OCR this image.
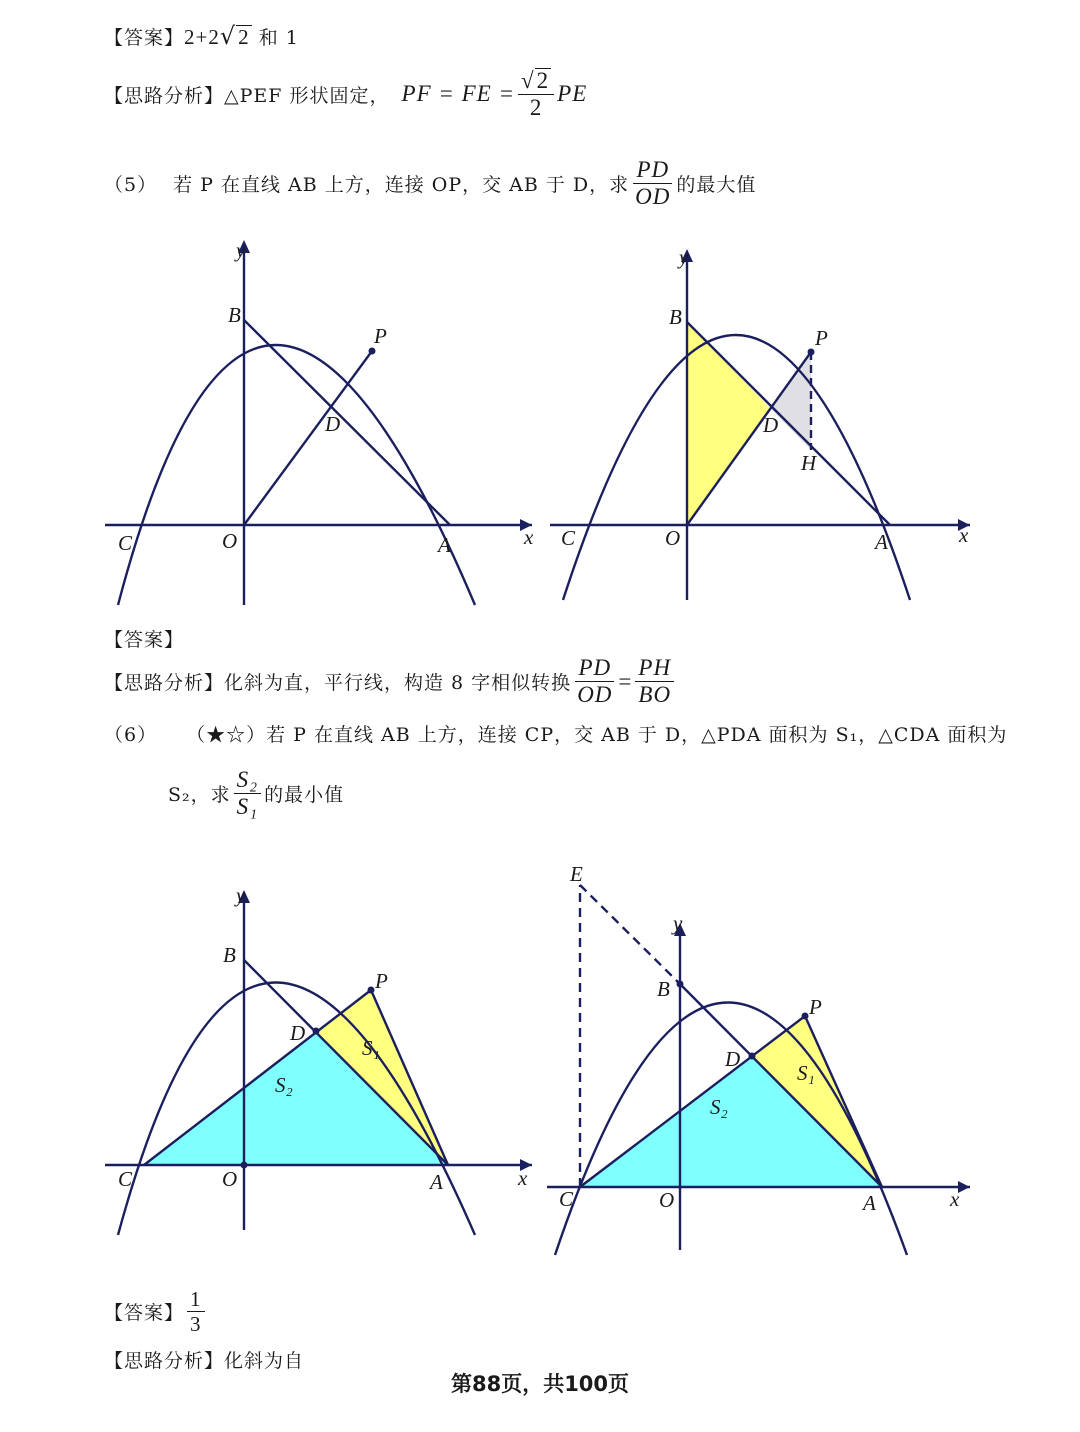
【答案】2+2√2 和 1
【思路分析】 △PEF 形状固定， PF = FE = $\frac{√2}{2}$ PE
（5） 若 P 在直线 AB 上方，连接 OP，交 AB 于 D，求 $\frac{PD}{OD}$ 的最大值
y
B
P
D
C	O	A	x
y
B
P
D
H
C	O	A	x
【答案】
【思路分析】 化斜为直，平行线，构造 8 字相似转换 $\frac{PD}{OD} = \frac{PH}{BO}$
（6） （★☆）若 P 在直线 AB 上方，连接 CP，交 AB 于 D，△PDA 面积为 S₁，△CDA 面积为
S₂，求 $\frac{\text{S₂}}{\text{S₁}}$ 的最小值
y
B
P
D
S₁
S₂
C	O	A	x
E
y
B
P
D
S₁
S₂
C	O	A	x
【答案】 $\frac{1}{3}$
【思路分析】化斜为自
第88页，共100页
